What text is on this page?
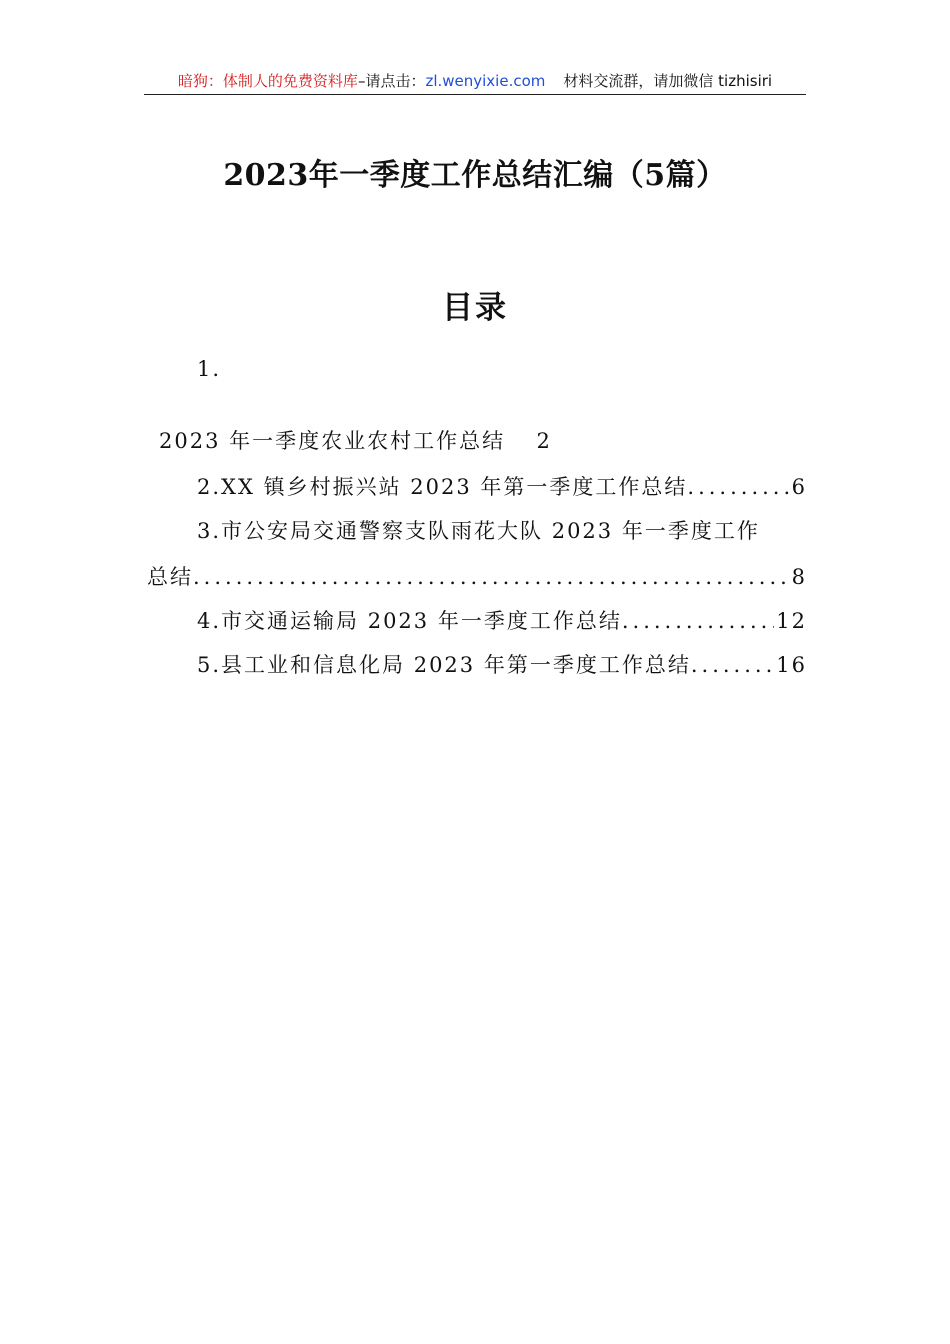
暗狗：体制人的免费资料库–请点击：zl.wenyixie.com 材料交流群，请加微信 tizhisiri
2023年一季度工作总结汇编（5篇）
目录
1.
2023 年一季度农业农村工作总结 2
2.XX 镇乡村振兴站 2023 年第一季度工作总结 .....	6
3.市公安局交通警察支队雨花大队 2023 年一季度工作
总结 .....	8
4.市交通运输局 2023 年一季度工作总结 .....	12
5.县工业和信息化局 2023 年第一季度工作总结 .....	16
